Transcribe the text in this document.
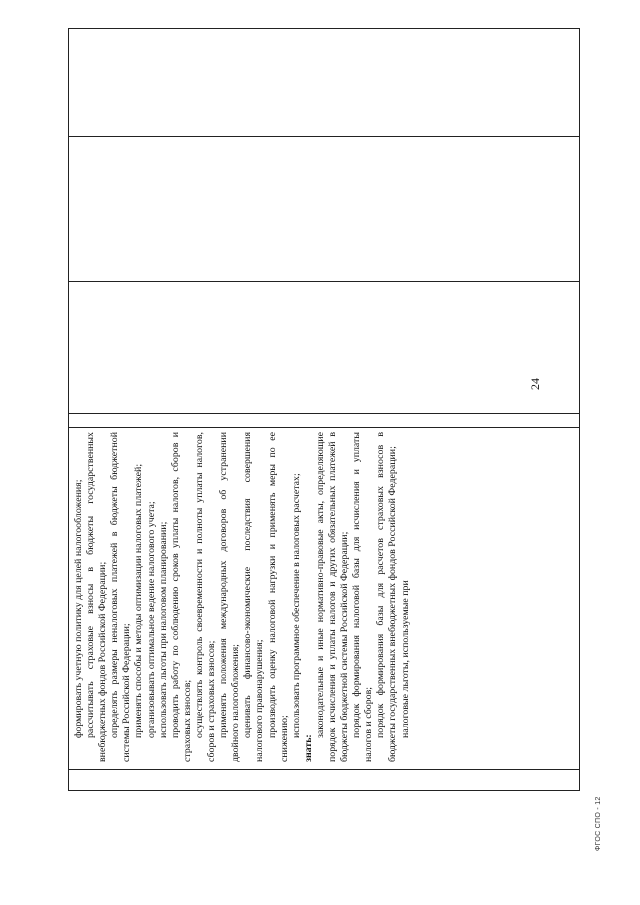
формировать учетную политику для целей налогообложения; рассчитывать страховые взносы в бюджеты государственных внебюджетных фондов Российской Федерации; определять размеры неналоговых платежей в бюджеты бюджетной системы Российской Федерации; применять способы и методы оптимизации налоговых платежей; организовывать оптимальное ведение налогового учета; использовать льготы при налоговом планировании; проводить работу по соблюдению сроков уплаты налогов, сборов и страховых взносов; осуществлять контроль своевременности и полноты уплаты налогов, сборов и страховых взносов; применять положения международных договоров об устранении двойного налогообложения; оценивать финансово-экономические последствия совершения налогового правонарушения; производить оценку налоговой нагрузки и применять меры по ее снижению;

использовать программное обеспечение в налоговых расчетах;

знать:

законодательные и иные нормативно-правовые акты, определяющие порядок исчисления и уплаты налогов и других обязательных платежей в бюджеты бюджетной системы Российской Федерации; порядок формирования налоговой базы для исчисления и уплаты налогов и сборов; порядок формирования базы для расчетов страховых взносов в бюджеты государственных внебюджетных фондов Российской Федерации; налоговые льготы, используемые при

24
ФГОС СПО - 12
